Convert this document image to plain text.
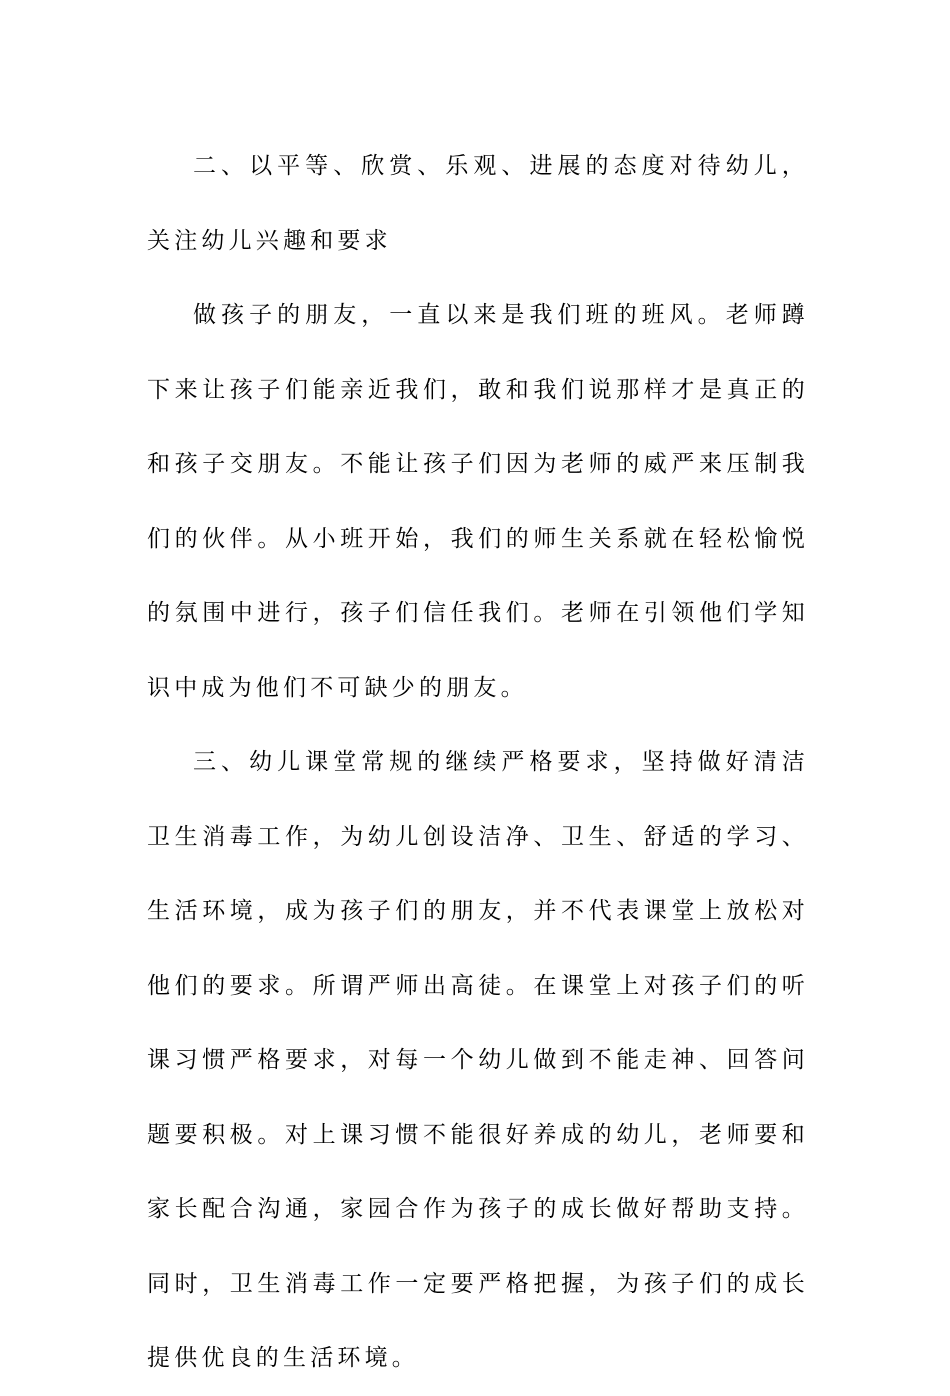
二、以平等、欣赏、乐观、进展的态度对待幼儿，关注幼儿兴趣和要求

做孩子的朋友，一直以来是我们班的班风。老师蹲下来让孩子们能亲近我们，敢和我们说那样才是真正的和孩子交朋友。不能让孩子们因为老师的威严来压制我们的伙伴。从小班开始，我们的师生关系就在轻松愉悦的氛围中进行，孩子们信任我们。老师在引领他们学知识中成为他们不可缺少的朋友。

三、幼儿课堂常规的继续严格要求，坚持做好清洁卫生消毒工作，为幼儿创设洁净、卫生、舒适的学习、生活环境，成为孩子们的朋友，并不代表课堂上放松对他们的要求。所谓严师出高徒。在课堂上对孩子们的听课习惯严格要求，对每一个幼儿做到不能走神、回答问题要积极。对上课习惯不能很好养成的幼儿，老师要和家长配合沟通，家园合作为孩子的成长做好帮助支持。同时，卫生消毒工作一定要严格把握，为孩子们的成长提供优良的生活环境。
